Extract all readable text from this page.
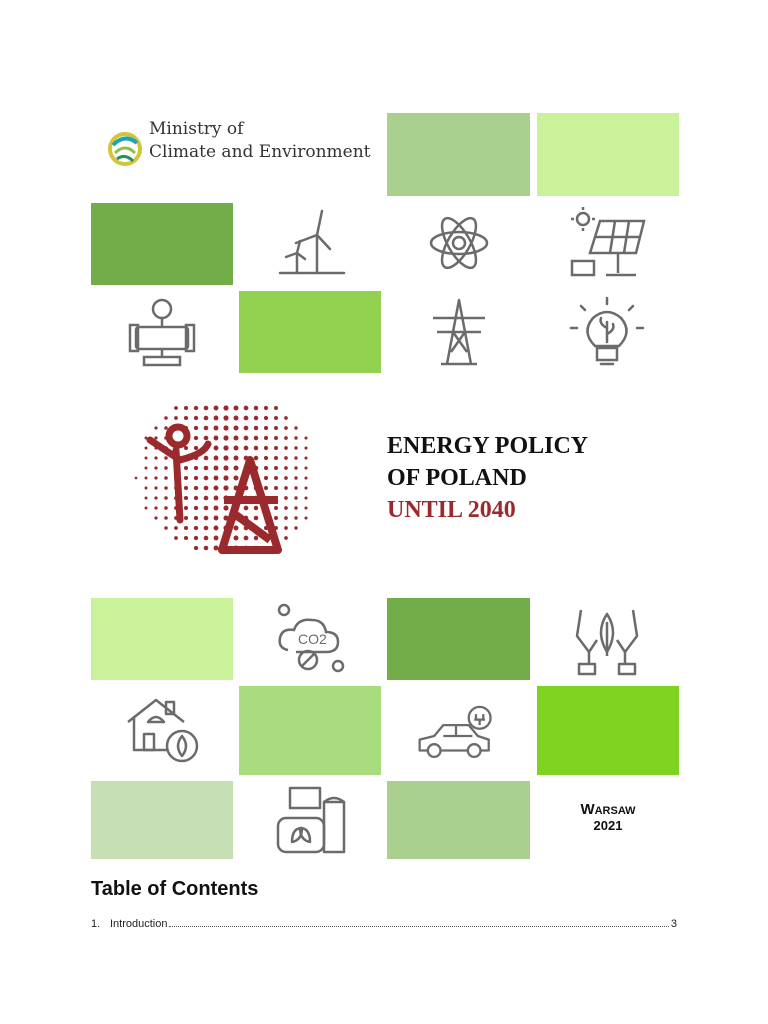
Ministry of
Climate and Environment
ENERGY POLICY
OF POLAND
UNTIL 2040
CO2
Warsaw
2021
Table of Contents
1. Introduction	3
